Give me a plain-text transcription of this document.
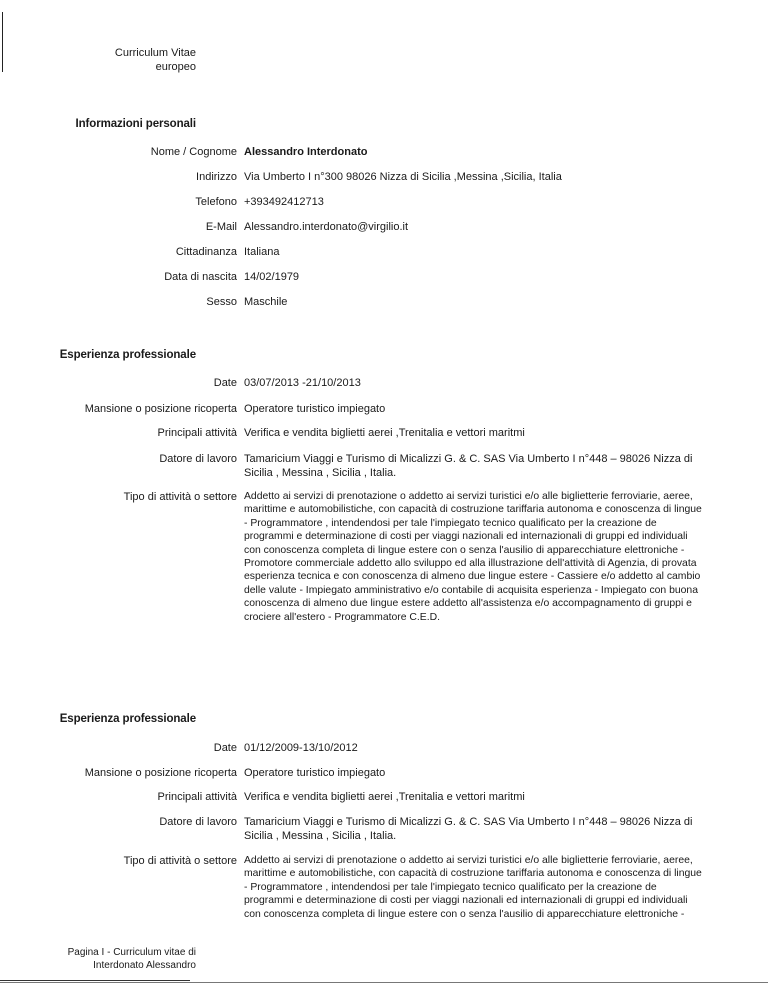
Curriculum Vitae
europeo
Informazioni personali
Nome / Cognome Alessandro Interdonato
Indirizzo Via Umberto I n°300 98026 Nizza di Sicilia ,Messina ,Sicilia, Italia
Telefono +393492412713
E-Mail Alessandro.interdonato@virgilio.it
Cittadinanza Italiana
Data di nascita 14/02/1979
Sesso Maschile
Esperienza professionale
Date 03/07/2013 -21/10/2013
Mansione o posizione ricoperta Operatore turistico impiegato
Principali attività Verifica e vendita biglietti aerei ,Trenitalia e vettori maritmi
Datore di lavoro Tamaricium Viaggi e Turismo di Micalizzi G. & C. SAS Via Umberto I n°448 – 98026 Nizza di Sicilia , Messina , Sicilia , Italia.
Tipo di attività o settore Addetto ai servizi di prenotazione o addetto ai servizi turistici e/o alle biglietterie ferroviarie, aeree, marittime e automobilistiche, con capacità di costruzione tariffaria autonoma e conoscenza di lingue - Programmatore , intendendosi per tale l'impiegato tecnico qualificato per la creazione de programmi e determinazione di costi per viaggi nazionali ed internazionali di gruppi ed individuali con conoscenza completa di lingue estere con o senza l'ausilio di apparecchiature elettroniche - Promotore commerciale addetto allo sviluppo ed alla illustrazione dell'attività di Agenzia, di provata esperienza tecnica e con conoscenza di almeno due lingue estere - Cassiere e/o addetto al cambio delle valute - Impiegato amministrativo e/o contabile di acquisita esperienza - Impiegato con buona conoscenza di almeno due lingue estere addetto all'assistenza e/o accompagnamento di gruppi e crociere all'estero - Programmatore C.E.D.
Esperienza professionale
Date 01/12/2009-13/10/2012
Mansione o posizione ricoperta Operatore turistico impiegato
Principali attività Verifica e vendita biglietti aerei ,Trenitalia e vettori maritmi
Datore di lavoro Tamaricium Viaggi e Turismo di Micalizzi G. & C. SAS Via Umberto I n°448 – 98026 Nizza di Sicilia , Messina , Sicilia , Italia.
Tipo di attività o settore Addetto ai servizi di prenotazione o addetto ai servizi turistici e/o alle biglietterie ferroviarie, aeree, marittime e automobilistiche, con capacità di costruzione tariffaria autonoma e conoscenza di lingue - Programmatore , intendendosi per tale l'impiegato tecnico qualificato per la creazione de programmi e determinazione di costi per viaggi nazionali ed internazionali di gruppi ed individuali con conoscenza completa di lingue estere con o senza l'ausilio di apparecchiature elettroniche -
Pagina I - Curriculum vitae di
Interdonato Alessandro
